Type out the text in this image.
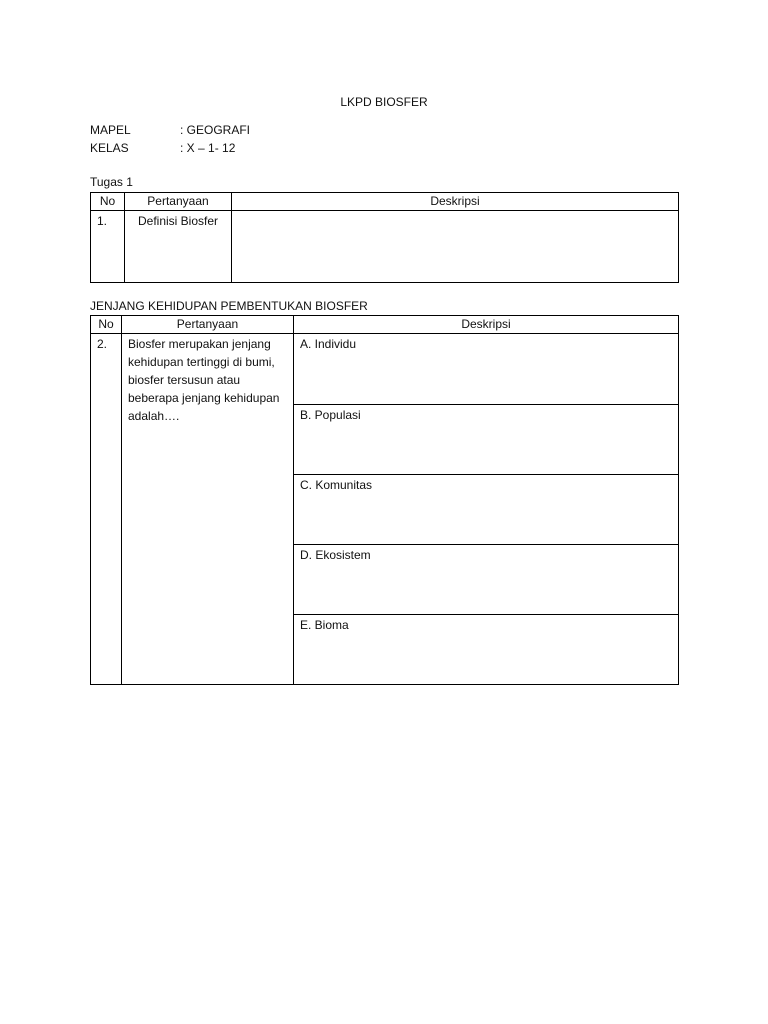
LKPD BIOSFER
MAPEL	: GEOGRAFI
KELAS	: X – 1- 12
Tugas 1
No	Pertanyaan	Deskripsi
1.	Definisi Biosfer	
JENJANG KEHIDUPAN PEMBENTUKAN BIOSFER
No	Pertanyaan	Deskripsi
2.	Biosfer merupakan jenjang kehidupan tertinggi di bumi, biosfer tersusun atau beberapa jenjang kehidupan adalah….	A. Individu
B. Populasi
C. Komunitas
D. Ekosistem
E. Bioma
